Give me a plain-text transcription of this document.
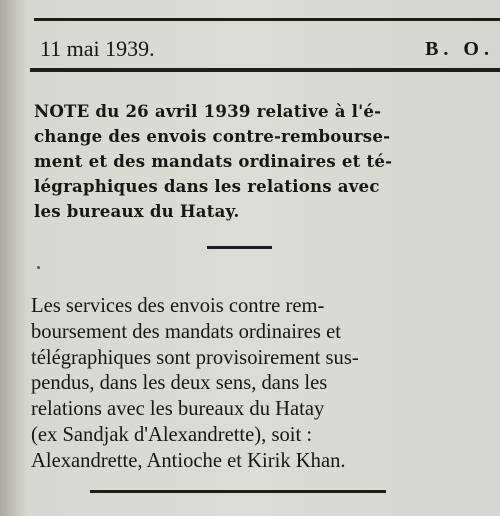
11 mai 1939.	B. O.
NOTE du 26 avril 1939 relative à l'é-
change des envois contre-rembourse-
ment et des mandats ordinaires et té-
légraphiques dans les relations avec
les bureaux du Hatay.
Les services des envois contre rem-
boursement des mandats ordinaires et
télégraphiques sont provisoirement sus-
pendus, dans les deux sens, dans les
relations avec les bureaux du Hatay
(ex Sandjak d'Alexandrette), soit :
Alexandrette, Antioche et Kirik Khan.
